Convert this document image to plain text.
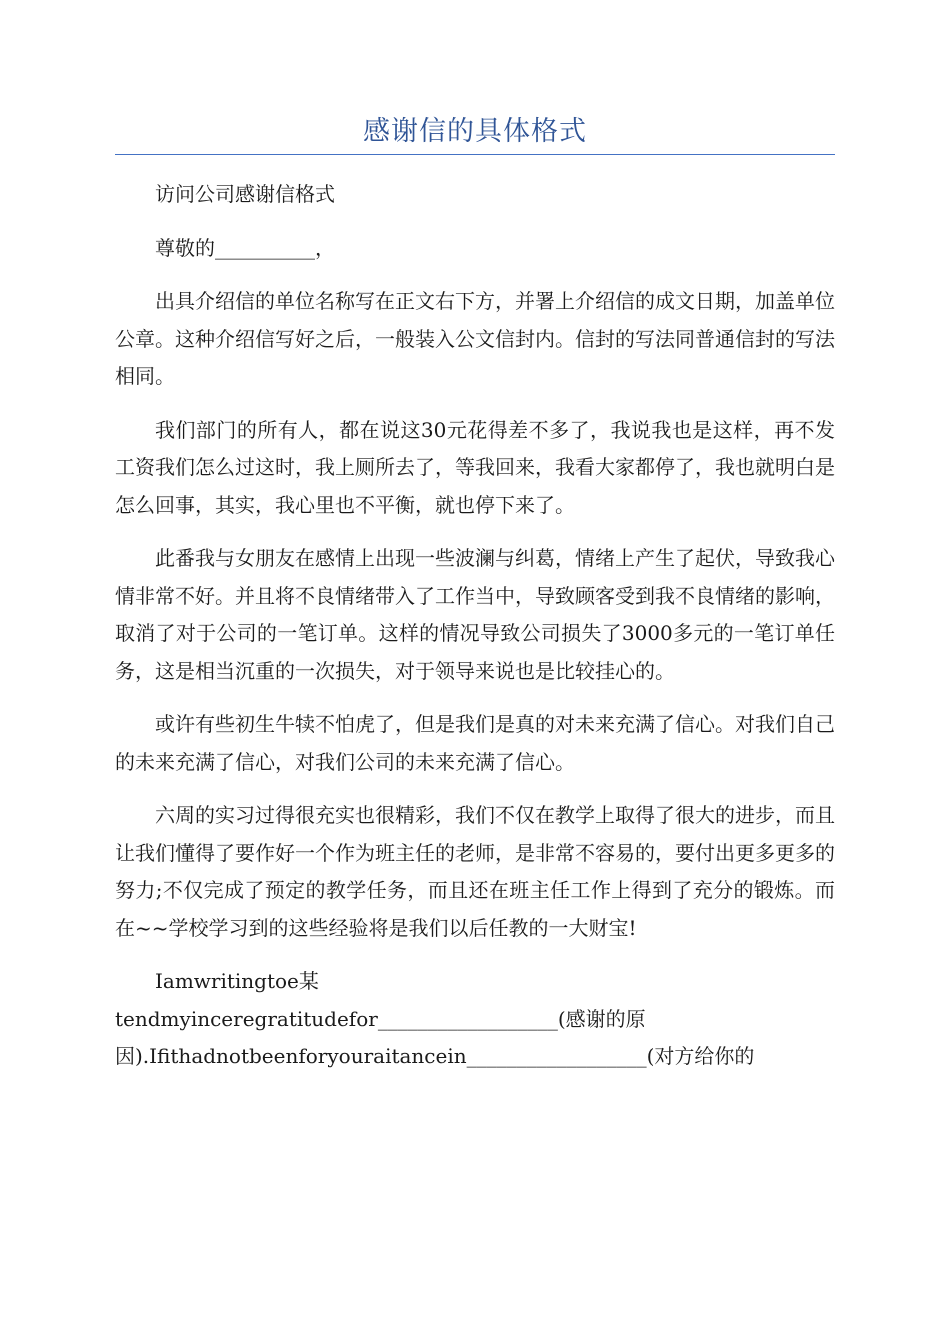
感谢信的具体格式

访问公司感谢信格式

尊敬的__________，

出具介绍信的单位名称写在正文右下方，并署上介绍信的成文日期，加盖单位公章。这种介绍信写好之后，一般装入公文信封内。信封的写法同普通信封的写法相同。

我们部门的所有人，都在说这30元花得差不多了，我说我也是这样，再不发工资我们怎么过这时，我上厕所去了，等我回来，我看大家都停了，我也就明白是怎么回事，其实，我心里也不平衡，就也停下来了。

此番我与女朋友在感情上出现一些波澜与纠葛，情绪上产生了起伏，导致我心情非常不好。并且将不良情绪带入了工作当中，导致顾客受到我不良情绪的影响，取消了对于公司的一笔订单。这样的情况导致公司损失了3000多元的一笔订单任务，这是相当沉重的一次损失，对于领导来说也是比较挂心的。

或许有些初生牛犊不怕虎了，但是我们是真的对未来充满了信心。对我们自己的未来充满了信心，对我们公司的未来充满了信心。

六周的实习过得很充实也很精彩，我们不仅在教学上取得了很大的进步，而且让我们懂得了要作好一个作为班主任的老师，是非常不容易的，要付出更多更多的努力;不仅完成了预定的教学任务，而且还在班主任工作上得到了充分的锻炼。而在~~学校学习到的这些经验将是我们以后任教的一大财宝!

Iamwritingtoe某
tendmyinceregratitudefor__________________(感谢的原
因).Ifithadnotbeenforyouraitancein__________________(对方给你的
